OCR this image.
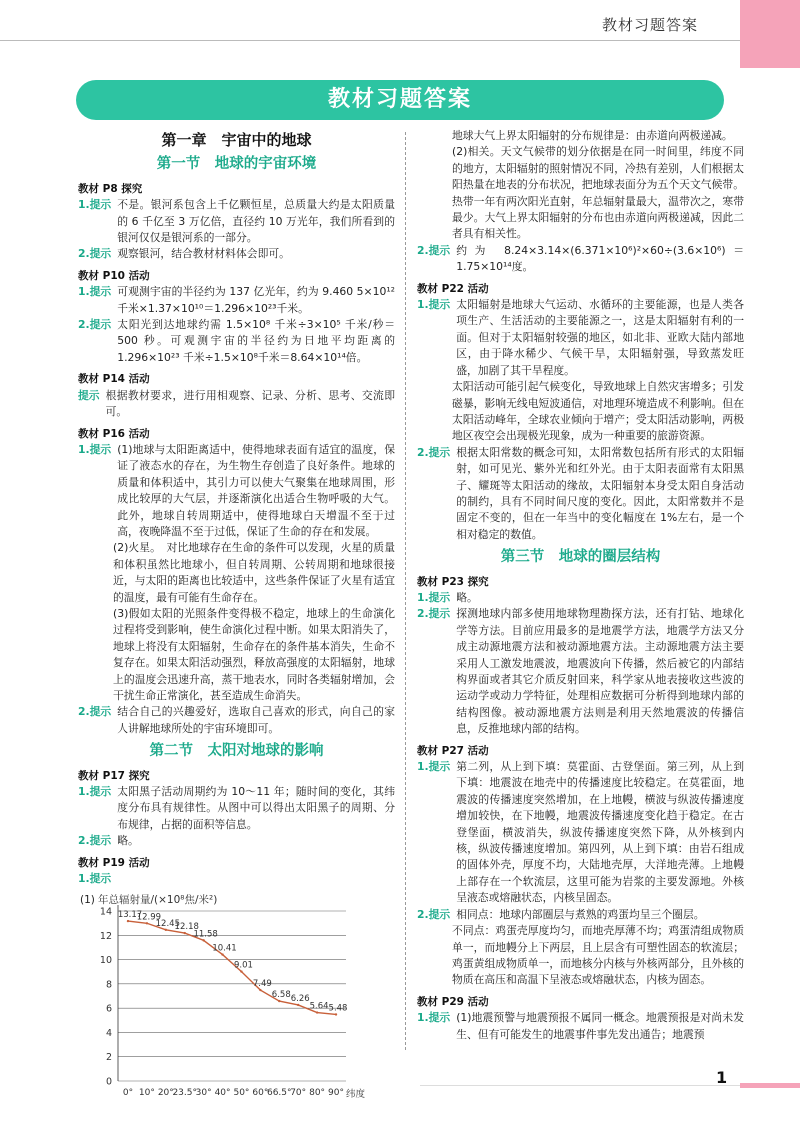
教材习题答案
教材习题答案
第一章　宇宙中的地球
第一节　地球的宇宙环境
教材 P8 探究
1.提示 不是。银河系包含上千亿颗恒星，总质量大约是太阳质量的 6 千亿至 3 万亿倍，直径约 10 万光年，我们所看到的银河仅仅是银河系的一部分。
2.提示 观察银河，结合教材材料体会即可。
教材 P10 活动
1.提示 可观测宇宙的半径约为 137 亿光年，约为 9.460 5×10¹² 千米×1.37×10¹⁰＝1.296×10²³千米。
2.提示 太阳光到达地球约需 1.5×10⁸ 千米÷3×10⁵ 千米/秒＝500 秒。可观测宇宙的半径约为日地平均距离的 1.296×10²³ 千米÷1.5×10⁸千米＝8.64×10¹⁴倍。
教材 P14 活动
提示 根据教材要求，进行用相观察、记录、分析、思考、交流即可。
教材 P16 活动
1.提示 (1)地球与太阳距离适中，使得地球表面有适宜的温度，保证了液态水的存在，为生物生存创造了良好条件。地球的质量和体积适中，其引力可以使大气聚集在地球周围，形成比较厚的大气层，并逐渐演化出适合生物呼吸的大气。此外，地球自转周期适中，使得地球白天增温不至于过高，夜晚降温不至于过低，保证了生命的存在和发展。
(2)火星。　对比地球存在生命的条件可以发现，火星的质量和体积虽然比地球小，但自转周期、公转周期和地球很接近，与太阳的距离也比较适中，这些条件保证了火星有适宜的温度，最有可能有生命存在。
(3)假如太阳的光照条件变得极不稳定，地球上的生命演化过程将受到影响，使生命演化过程中断。如果太阳消失了，地球上将没有太阳辐射，生命存在的条件基本消失，生命不复存在。如果太阳活动强烈，释放高强度的太阳辐射，地球上的温度会迅速升高，蒸干地表水，同时各类辐射增加，会干扰生命正常演化，甚至造成生命消失。
2.提示 结合自己的兴趣爱好，选取自己喜欢的形式，向自己的家人讲解地球所处的宇宙环境即可。
第二节　太阳对地球的影响
教材 P17 探究
1.提示 太阳黑子活动周期约为 10～11 年；随时间的变化，其纬度分布具有规律性。从图中可以得出太阳黑子的周期、分布规律，占据的面积等信息。
2.提示 略。
教材 P19 活动
1.提示
(1) 年总辐射量/(×10⁸焦/米²)
纬度
0
2
4
6
8
10
12
14
0° 10° 20°
23.5°
30° 40° 50° 60°
66.5°
70° 80° 90°
13.17
12.99
12.45
12.18
11.58
10.41
9.01
7.49
6.58 6.26
5.64 5.48
地球大气上界太阳辐射的分布规律是：由赤道向两极递减。
(2)相关。天文气候带的划分依据是在同一时间里，纬度不同的地方，太阳辐射的照射情况不同，冷热有差别，人们根据太阳热量在地表的分布状况，把地球表面分为五个天文气候带。热带一年有两次阳光直射，年总辐射量最大，温带次之，寒带最少。大气上界太阳辐射的分布也由赤道向两极递减，因此二者具有相关性。
2.提示 约为 8.24×3.14×(6.371×10⁶)²×60÷(3.6×10⁶)＝1.75×10¹⁴度。
教材 P22 活动
1.提示 太阳辐射是地球大气运动、水循环的主要能源，也是人类各项生产、生活活动的主要能源之一，这是太阳辐射有利的一面。但对于太阳辐射较强的地区，如北非、亚欧大陆内部地区，由于降水稀少、气候干旱，太阳辐射强，导致蒸发旺盛，加剧了其干旱程度。
太阳活动可能引起气候变化，导致地球上自然灾害增多；引发磁暴，影响无线电短波通信，对地理环境造成不利影响。但在太阳活动峰年，全球农业倾向于增产；受太阳活动影响，两极地区夜空会出现极光现象，成为一种重要的旅游资源。
2.提示 根据太阳常数的概念可知，太阳常数包括所有形式的太阳辐射，如可见光、紫外光和红外光。由于太阳表面常有太阳黑子、耀斑等太阳活动的缘故，太阳辐射本身受太阳自身活动的制约，具有不同时间尺度的变化。因此，太阳常数并不是固定不变的，但在一年当中的变化幅度在 1%左右，是一个相对稳定的数值。
第三节　地球的圈层结构
教材 P23 探究
1.提示 略。
2.提示 探测地球内部多使用地球物理勘探方法，还有打钻、地球化学等方法。目前应用最多的是地震学方法，地震学方法又分成主动源地震方法和被动源地震方法。主动源地震方法主要采用人工激发地震波，地震波向下传播，然后被它的内部结构界面或者其它介质反射回来，科学家从地表接收这些波的运动学或动力学特征，处理相应数据可分析得到地球内部的结构图像。被动源地震方法则是利用天然地震波的传播信息，反推地球内部的结构。
教材 P27 活动
1.提示 第二列，从上到下填：莫霍面、古登堡面。第三列，从上到下填：地震波在地壳中的传播速度比较稳定。在莫霍面，地震波的传播速度突然增加，在上地幔，横波与纵波传播速度增加较快，在下地幔，地震波传播速度变化趋于稳定。在古登堡面，横波消失，纵波传播速度突然下降，从外核到内核，纵波传播速度增加。第四列，从上到下填：由岩石组成的固体外壳，厚度不均，大陆地壳厚，大洋地壳薄。上地幔上部存在一个软流层，这里可能为岩浆的主要发源地。外核呈液态或熔融状态，内核呈固态。
2.提示 相同点：地球内部圈层与煮熟的鸡蛋均呈三个圈层。
不同点：鸡蛋壳厚度均匀，而地壳厚薄不均；鸡蛋清组成物质单一，而地幔分上下两层，且上层含有可塑性固态的软流层；鸡蛋黄组成物质单一，而地核分内核与外核两部分，且外核的物质在高压和高温下呈液态或熔融状态，内核为固态。
教材 P29 活动
1.提示 (1)地震预警与地震预报不属同一概念。地震预报是对尚未发生、但有可能发生的地震事件事先发出通告；地震预
1
